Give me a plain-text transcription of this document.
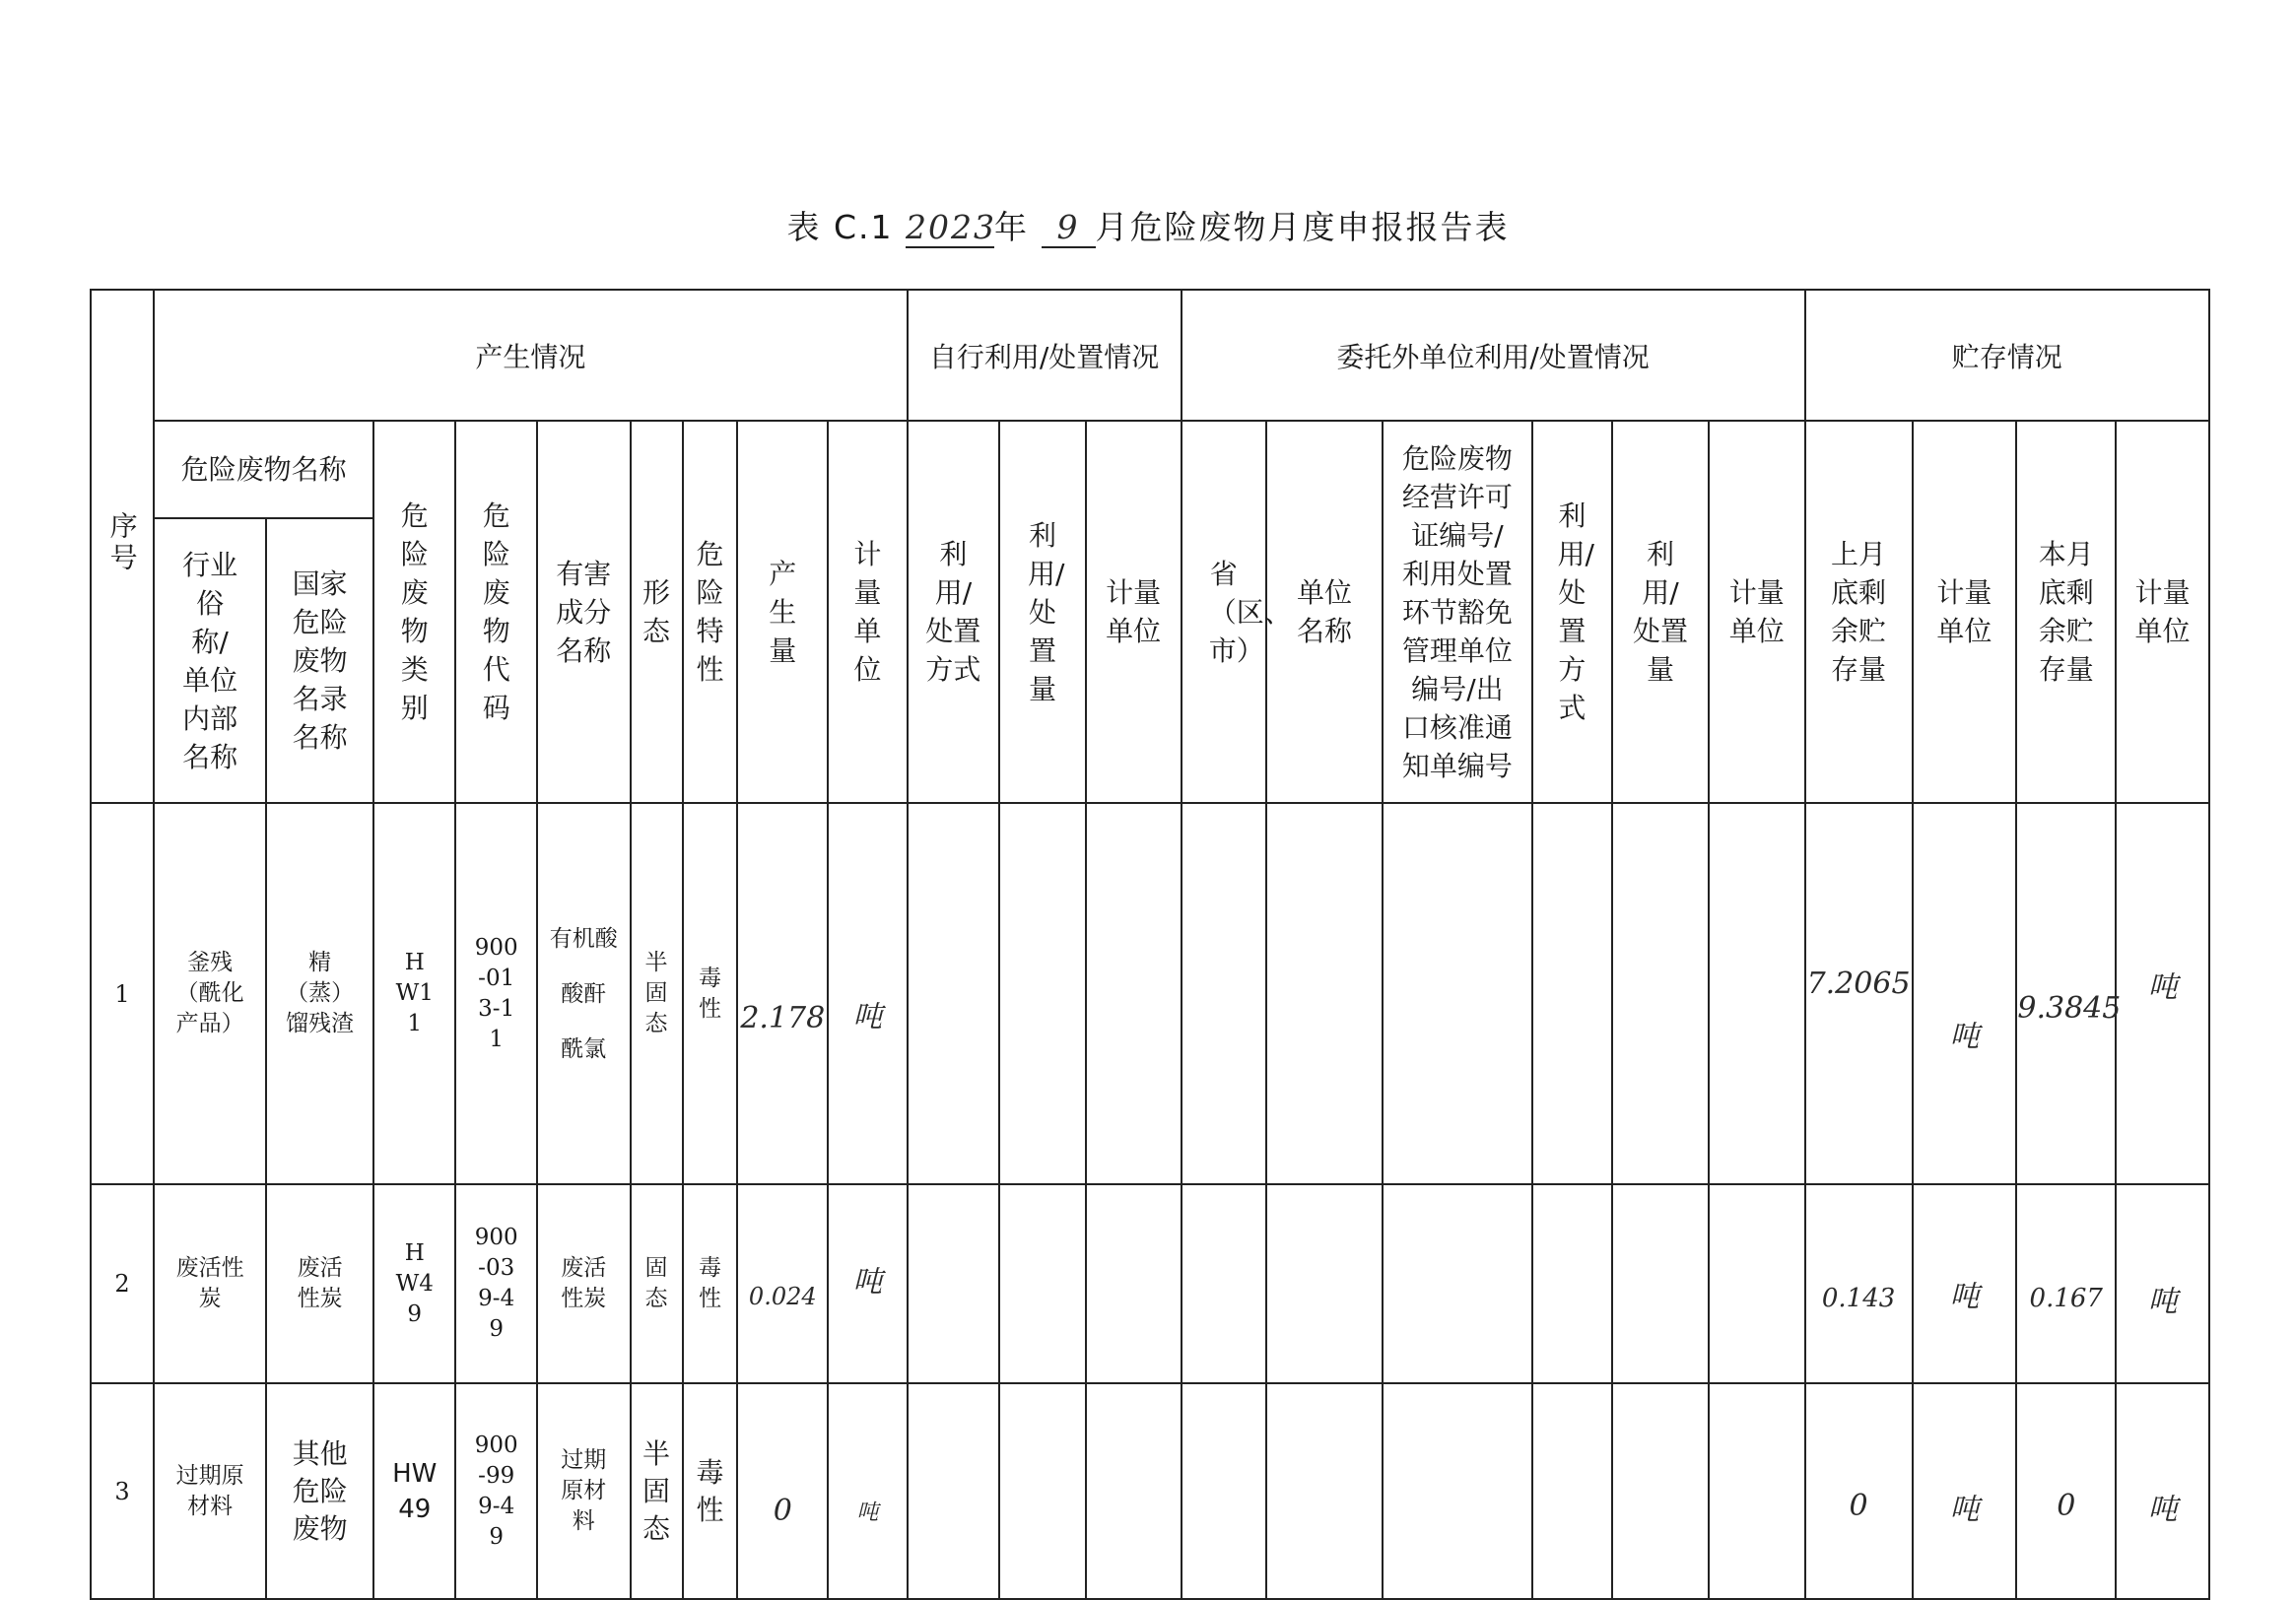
表 C.1 2023年 9 月危险废物月度申报报告表
序号	产生情况									自行利用/处置情况			委托外单位利用/处置情况						贮存情况			
	危险废物名称		危险废物类别	危险废物代码	有害成分名称	形态	危险特性	产生量	计量单位	利用/处置方式	利用/处置量	计量单位	省（区、市）	单位名称	危险废物经营许可证编号/利用处置环节豁免管理单位编号/出口核准通知单编号	利用/处置方式	利用/处置量	计量单位	上月底剩余贮存量	计量单位	本月底剩余贮存量	计量单位
	行业俗称/单位内部名称	国家危险废物名录名称																				
1	釜残（酰化产品）	精（蒸）馏残渣	HW11	900-013-11	有机酸
酸酐
酰氯	半固态	毒性	2.178	吨										7.2065	吨	9.3845	吨
2	废活性炭	废活性炭	HW49	900-039-49	废活性炭	固态	毒性	0.024	吨										0.143	吨	0.167	吨
3	过期原材料	其他危险废物	HW49	900-999-49	过期原材料	半固态	毒性	0	吨										0	吨	0	吨
